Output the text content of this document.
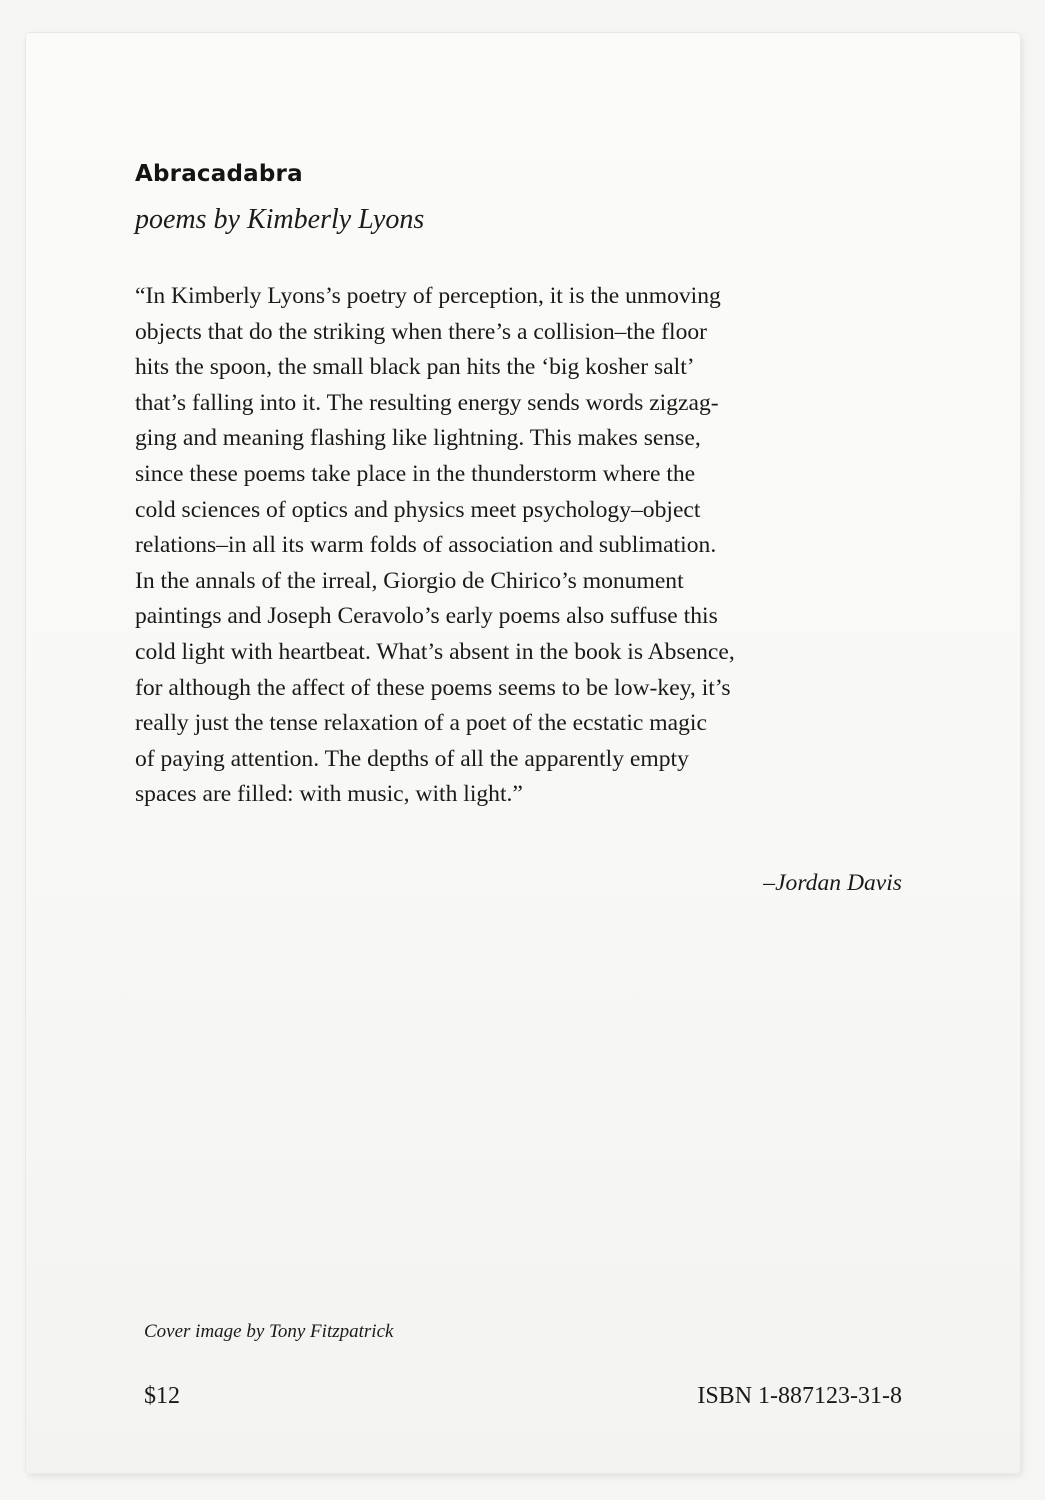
Abracadabra

poems by Kimberly Lyons

“In Kimberly Lyons’s poetry of perception, it is the unmoving
objects that do the striking when there’s a collision–the floor
hits the spoon, the small black pan hits the ‘big kosher salt’
that’s falling into it. The resulting energy sends words zigzag-
ging and meaning flashing like lightning. This makes sense,
since these poems take place in the thunderstorm where the
cold sciences of optics and physics meet psychology–object
relations–in all its warm folds of association and sublimation.
In the annals of the irreal, Giorgio de Chirico’s monument
paintings and Joseph Ceravolo’s early poems also suffuse this
cold light with heartbeat. What’s absent in the book is Absence,
for although the affect of these poems seems to be low-key, it’s
really just the tense relaxation of a poet of the ecstatic magic
of paying attention. The depths of all the apparently empty
spaces are filled: with music, with light.”

–Jordan Davis

Cover image by Tony Fitzpatrick

$12	ISBN 1-887123-31-8
